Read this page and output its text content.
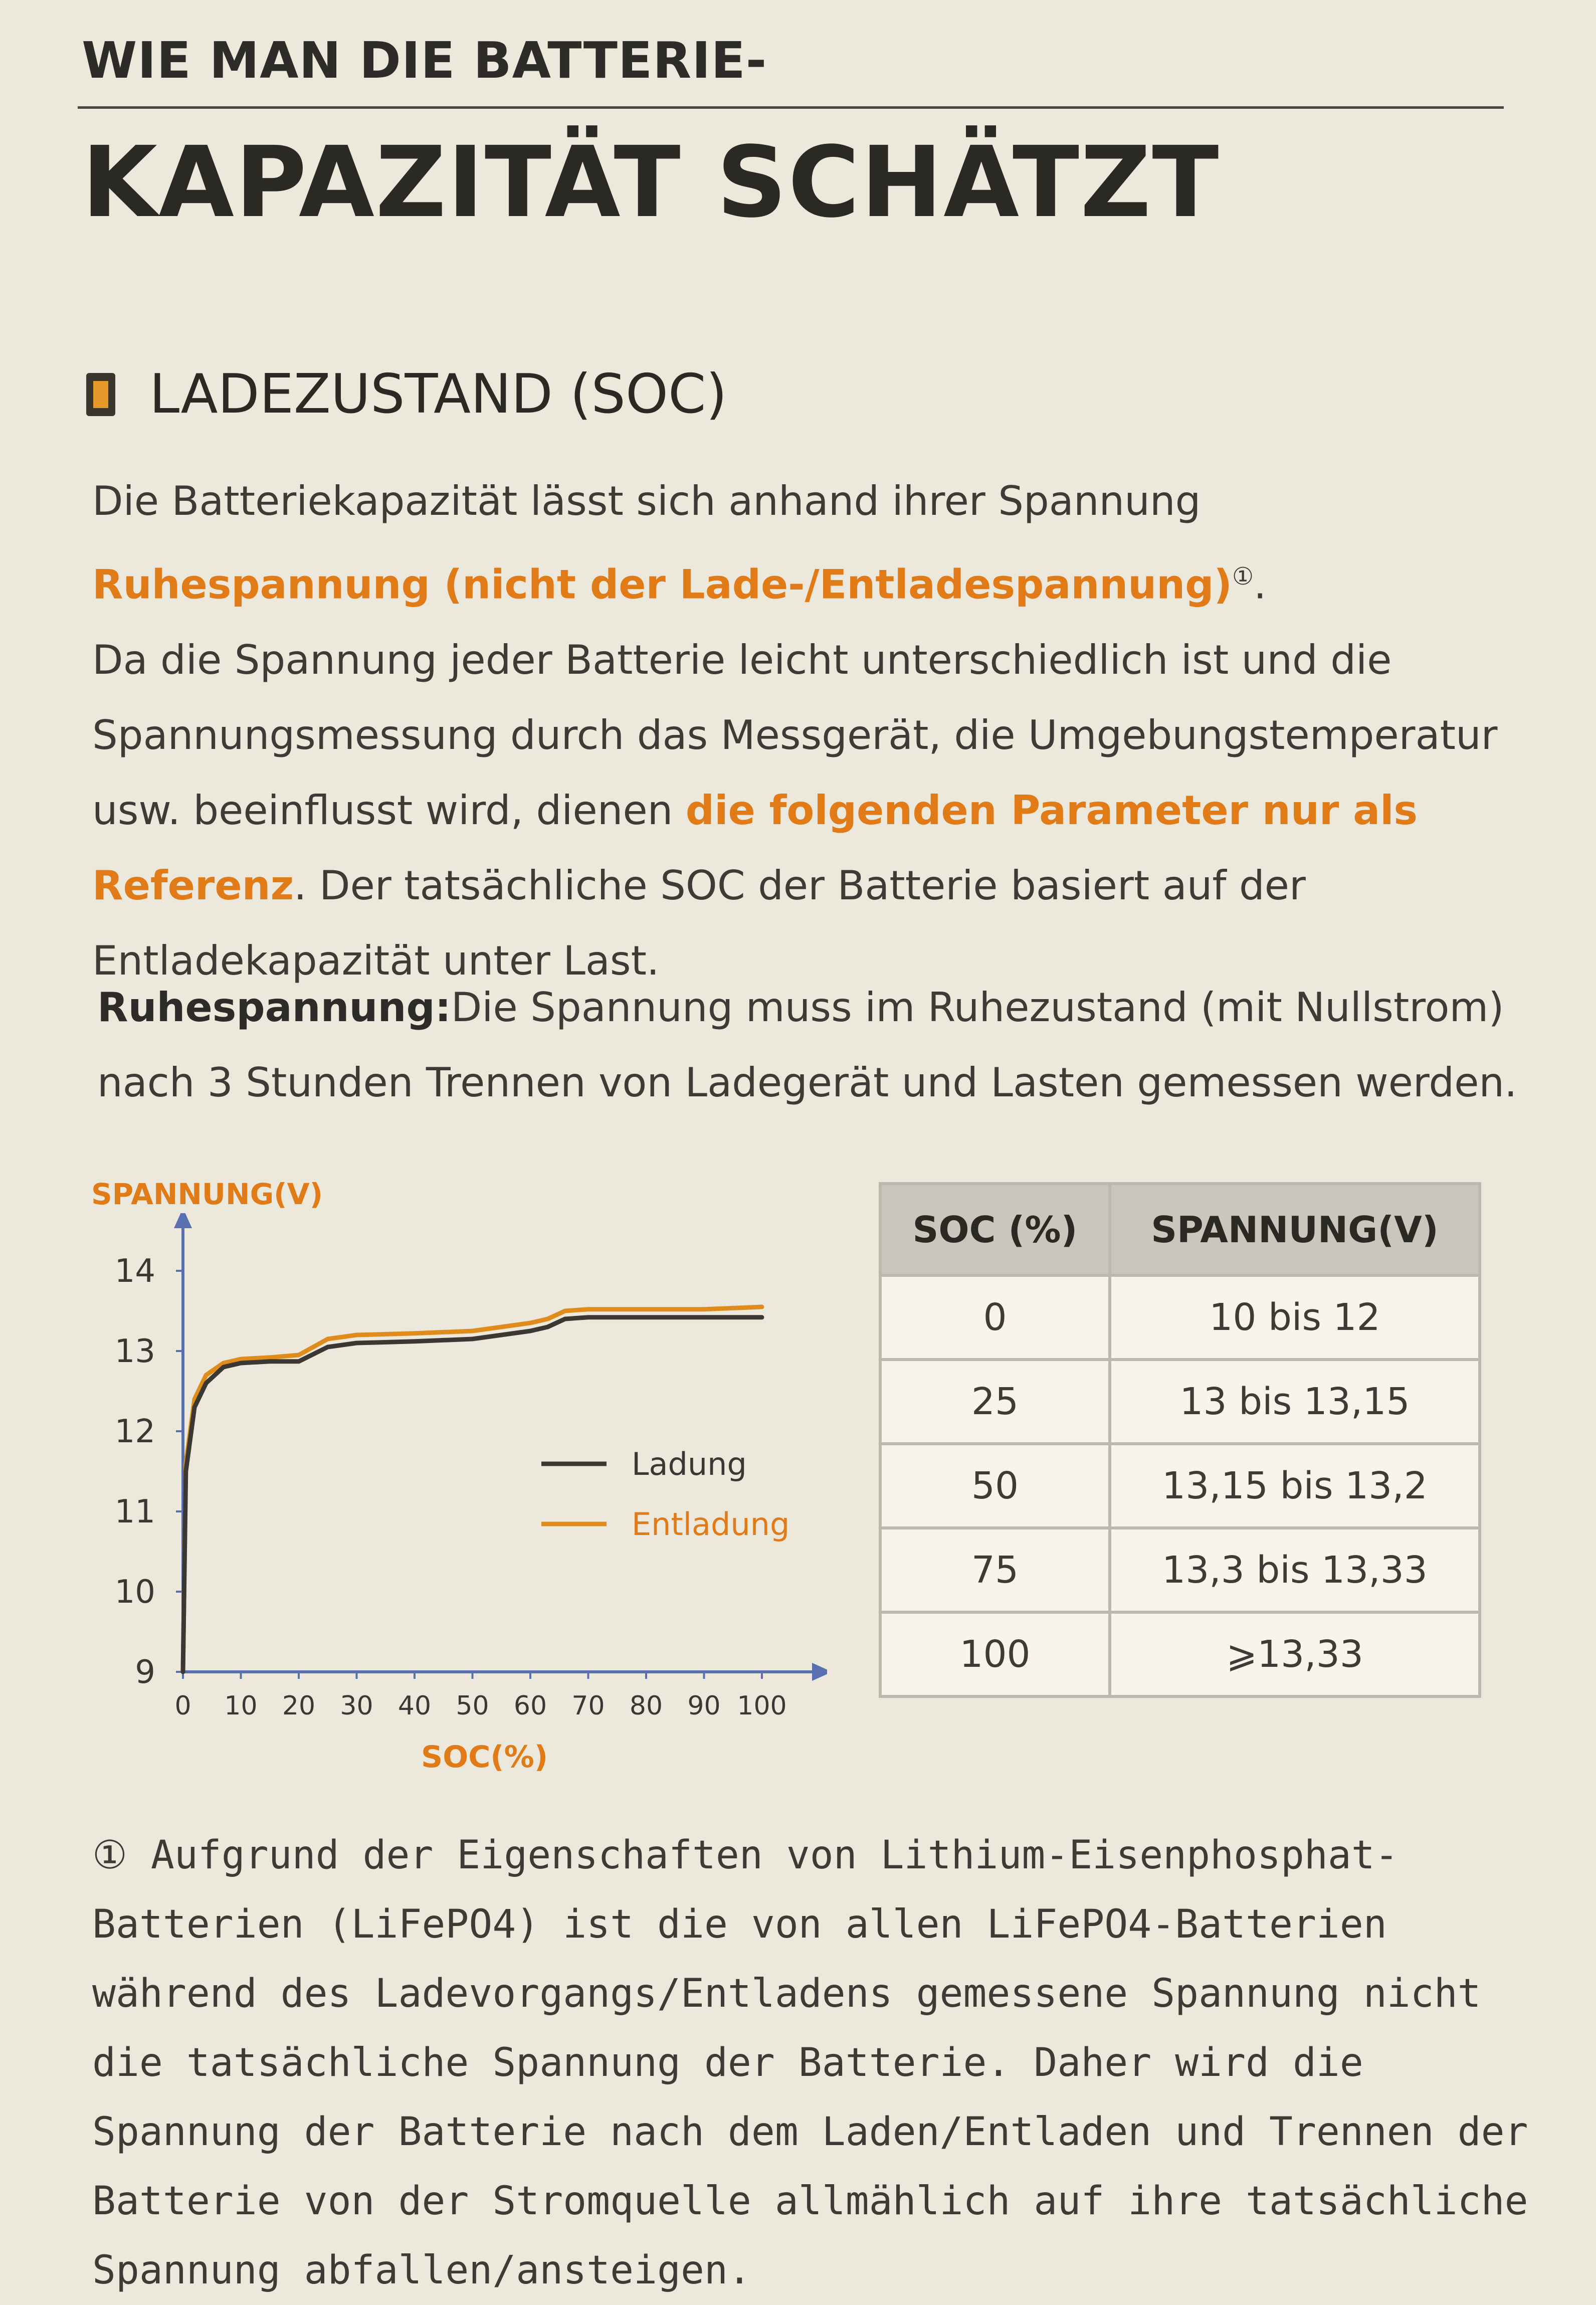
WIE MAN DIE BATTERIE-
KAPAZITÄT SCHÄTZT
LADEZUSTAND (SOC)
Die Batteriekapazität lässt sich anhand ihrer Spannung Ruhespannung (nicht der Lade-/Entladespannung)①.
Da die Spannung jeder Batterie leicht unterschiedlich ist und die Spannungsmessung durch das Messgerät, die Umgebungstemperatur usw. beeinflusst wird, dienen die folgenden Parameter nur als Referenz. Der tatsächliche SOC der Batterie basiert auf der Entladekapazität unter Last.
Ruhespannung:Die Spannung muss im Ruhezustand (mit Nullstrom) nach 3 Stunden Trennen von Ladegerät und Lasten gemessen werden.
SPANNUNG(V)
9
10
11
12
13
14
0 10 20 30 40 50 60 70 80 90 100
Ladung
Entladung
SOC(%)
SOC (%)	SPANNUNG(V)
0	10 bis 12
25	13 bis 13,15
50	13,15 bis 13,2
75	13,3 bis 13,33
100	⩾13,33
① Aufgrund der Eigenschaften von Lithium-Eisenphosphat-Batterien (LiFePO4) ist die von allen LiFePO4-Batterien während des Ladevorgangs/Entladens gemessene Spannung nicht die tatsächliche Spannung der Batterie. Daher wird die Spannung der Batterie nach dem Laden/Entladen und Trennen der Batterie von der Stromquelle allmählich auf ihre tatsächliche Spannung abfallen/ansteigen.
